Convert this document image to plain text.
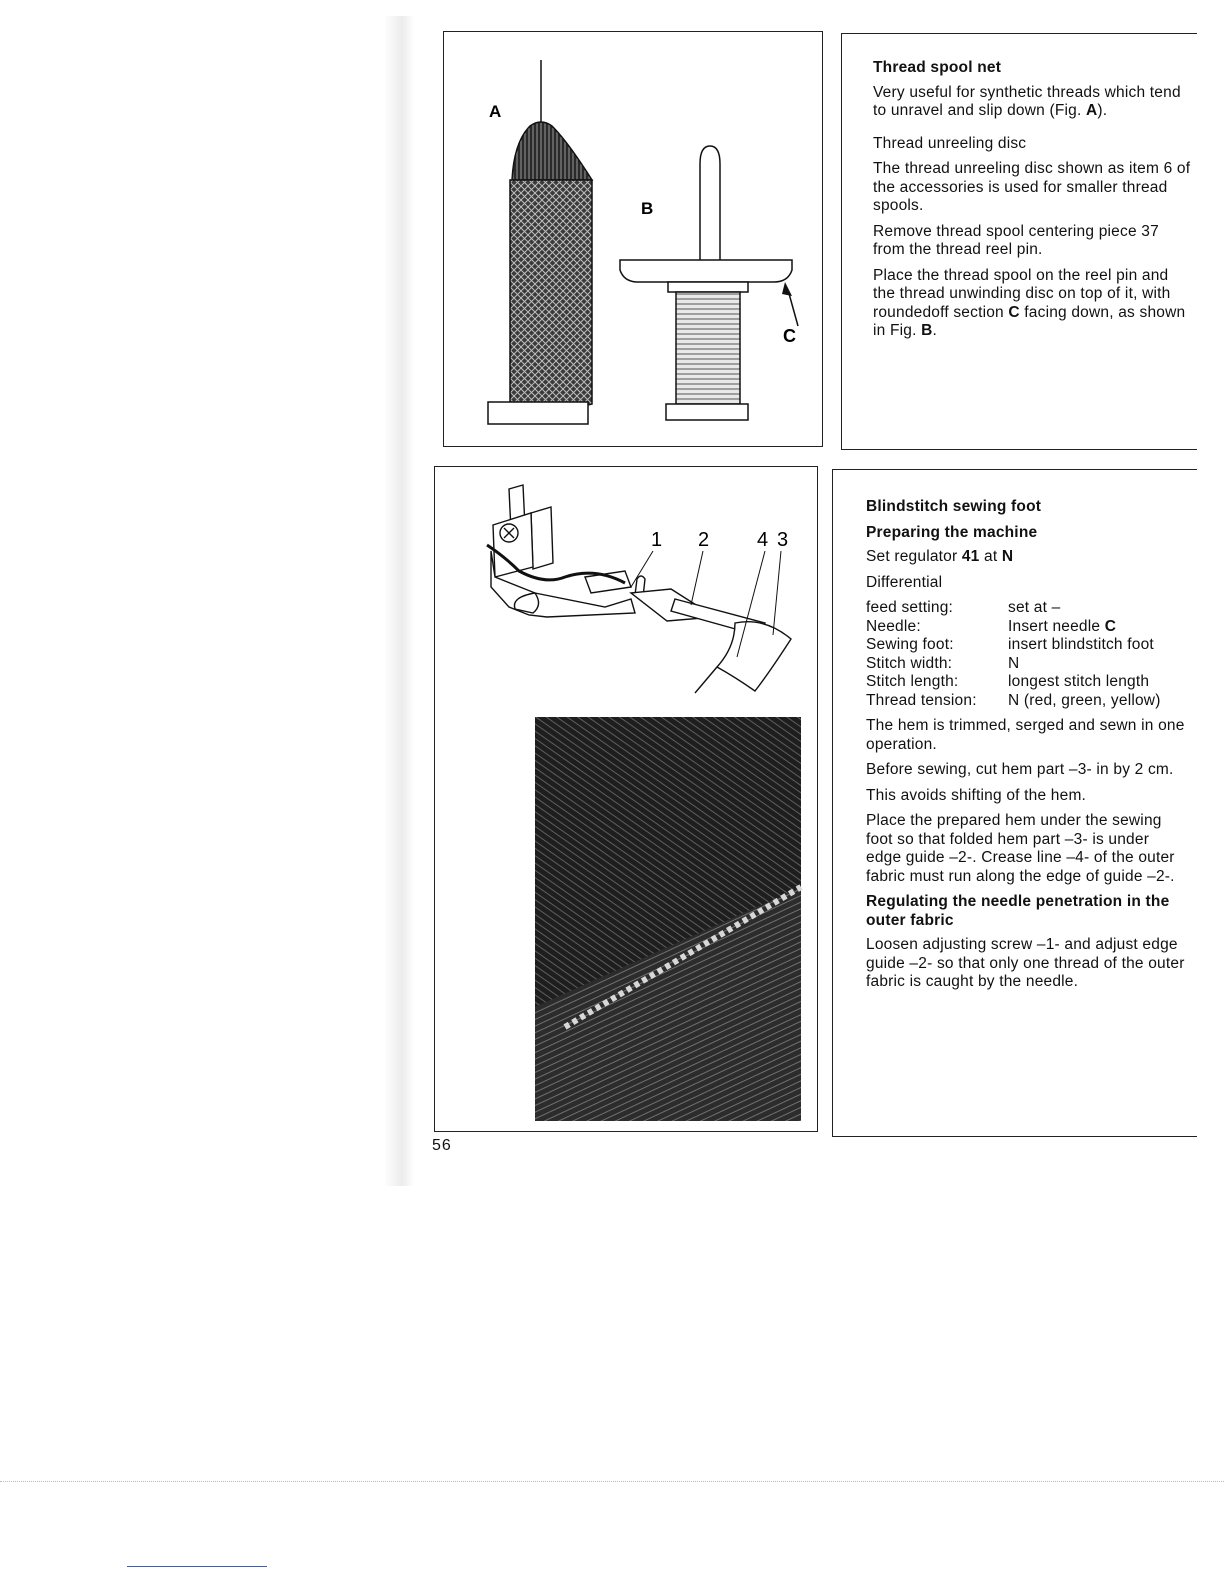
A
B
C

Thread spool net

Very useful for synthetic threads which tend to unravel and slip down (Fig. A).

Thread unreeling disc

The thread unreeling disc shown as item 6 of the accessories is used for smaller thread spools.

Remove thread spool centering piece 37 from the thread reel pin.

Place the thread spool on the reel pin and the thread unwinding disc on top of it, with roundedoff section C facing down, as shown in Fig. B.

1 2 4 3

Blindstitch sewing foot

Preparing the machine

Set regulator 41 at N

Differential

feed setting:	set at –
Needle:	Insert needle C
Sewing foot:	insert blindstitch foot
Stitch width:	N
Stitch length:	longest stitch length
Thread tension:	N (red, green, yellow)

The hem is trimmed, serged and sewn in one operation.

Before sewing, cut hem part –3- in by 2 cm.

This avoids shifting of the hem.

Place the prepared hem under the sewing foot so that folded hem part –3- is under edge guide –2-. Crease line –4- of the outer fabric must run along the edge of guide –2-.

Regulating the needle penetration in the outer fabric

Loosen adjusting screw –1- and adjust edge guide –2- so that only one thread of the outer fabric is caught by the needle.

56
